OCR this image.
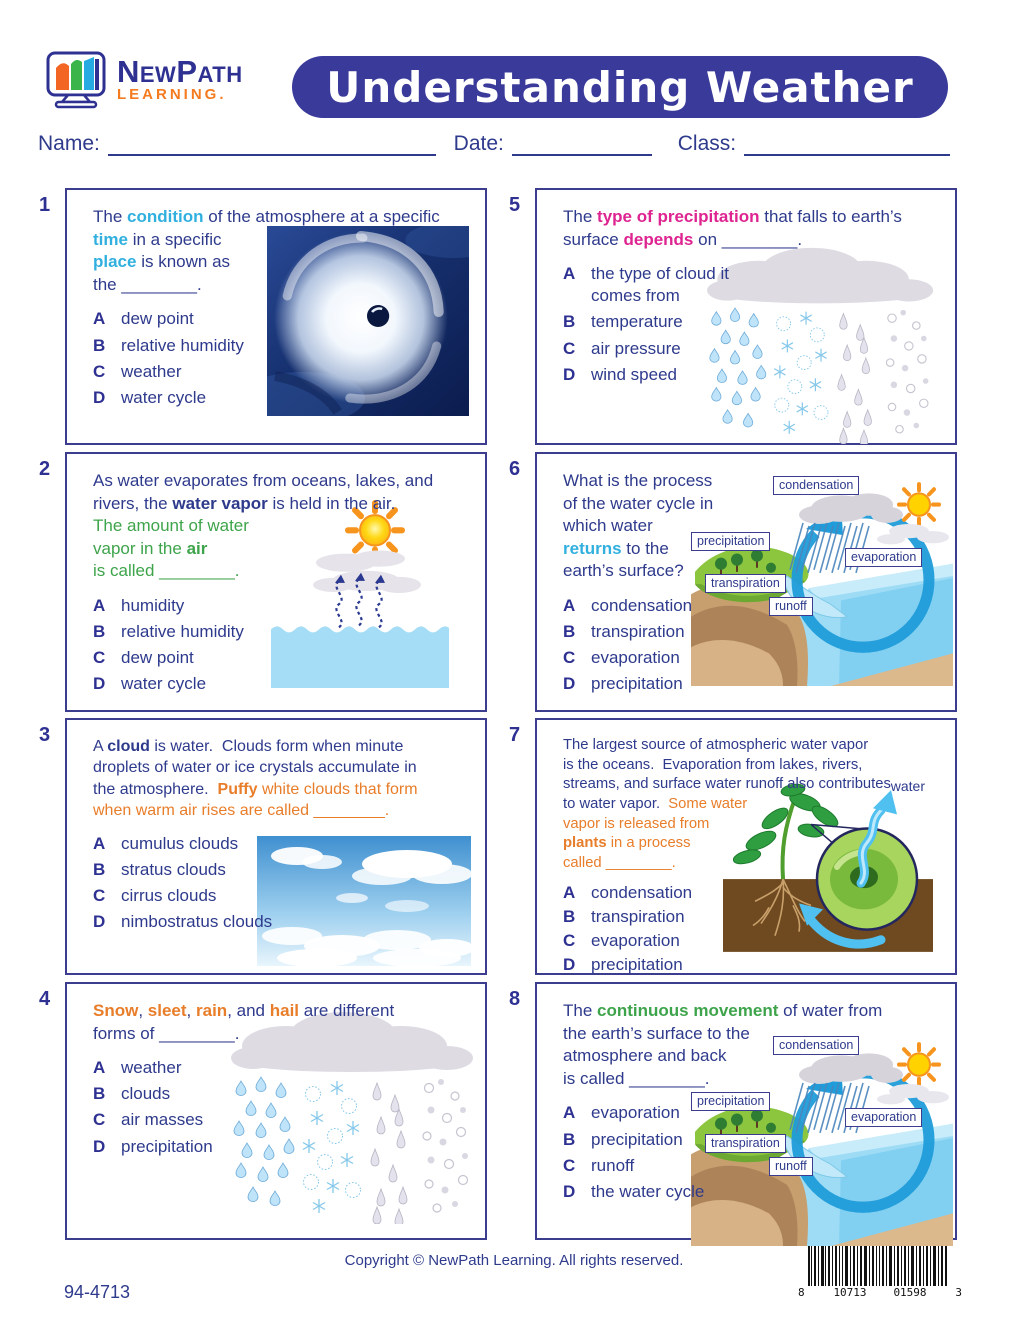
NewPath
LEARNING.	Understanding Weather
Name:	Date:	Class:
1

The condition of the atmosphere at a specific
time in a specific
place is known as
the ________.

A dew point
B relative humidity
C weather
D water cycle
2

As water evaporates from oceans, lakes, and
rivers, the water vapor is held in the air.
The amount of water
vapor in the air
is called ________.

A humidity
B relative humidity
C dew point
D water cycle
3

A cloud is water.  Clouds form when minute
droplets of water or ice crystals accumulate in
the atmosphere.  Puffy white clouds that form
when warm air rises are called ________.

A cumulus clouds
B stratus clouds
C cirrus clouds
D nimbostratus clouds
4

Snow, sleet, rain, and hail are different
forms of ________.

A weather
B clouds
C air masses
D precipitation
5

The type of precipitation that falls to earth’s
surface depends on ________.

A the type of cloud it comes from
B temperature
C air pressure
D wind speed
6

What is the process
of the water cycle in
which water
returns to the
earth’s surface?

condensation
precipitation
evaporation
transpiration
runoff
A condensation
B transpiration
C evaporation
D precipitation
7	The largest source of atmospheric water vapor
is the oceans.  Evaporation from lakes, rivers,
streams, and surface water runoff also contributes
to water vapor.  Some water
vapor is released from
plants in a process
called ________.

water
A condensation
B transpiration
C evaporation
D precipitation
8

The continuous movement of water from
the earth’s surface to the
atmosphere and back
is called ________.

condensation
precipitation
evaporation
transpiration
runoff
A evaporation
B precipitation
C runoff
D the water cycle
Copyright © NewPath Learning. All rights reserved.
94-4713	8	10713	01598	3
